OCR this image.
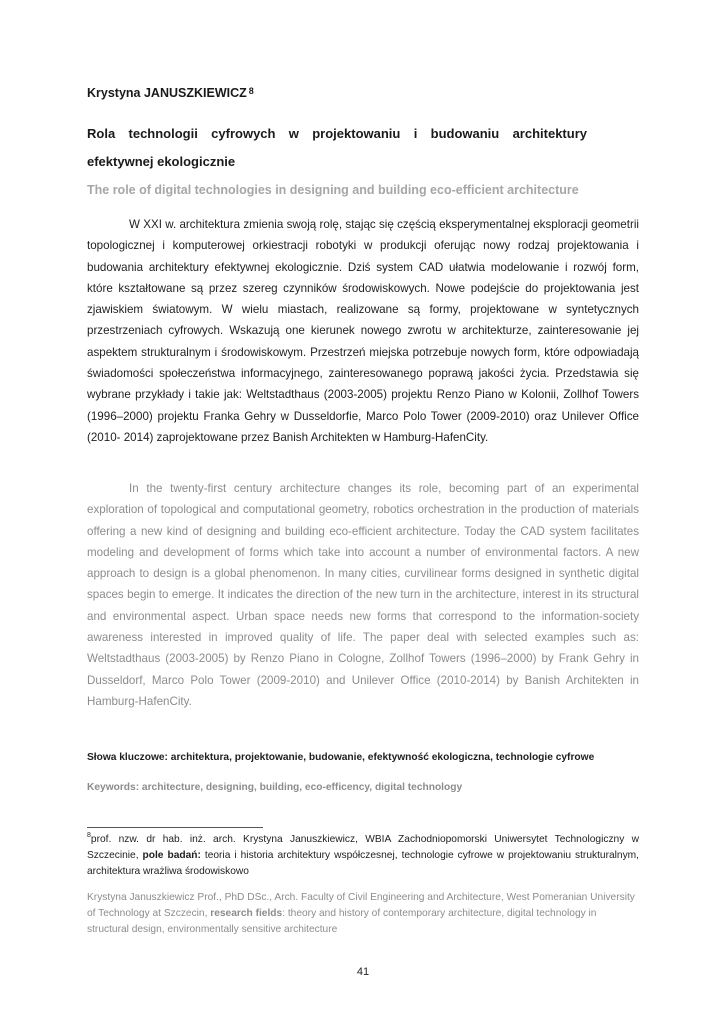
Krystyna JANUSZKIEWICZ $^8$
Rola technologii cyfrowych w projektowaniu i budowaniu architektury efektywnej ekologicznie
The role of digital technologies in designing and building eco-efficient architecture

W XXI w. architektura zmienia swoją rolę, stając się częścią eksperymentalnej eksploracji geometrii topologicznej i komputerowej orkiestracji robotyki w produkcji oferując nowy rodzaj projektowania i budowania architektury efektywnej ekologicznie. Dziś system CAD ułatwia modelowanie i rozwój form, które kształtowane są przez szereg czynników środowiskowych. Nowe podejście do projektowania jest zjawiskiem światowym. W wielu miastach, realizowane są formy, projektowane w syntetycznych przestrzeniach cyfrowych. Wskazują one kierunek nowego zwrotu w architekturze, zainteresowanie jej aspektem strukturalnym i środowiskowym. Przestrzeń miejska potrzebuje nowych form, które odpowiadają świadomości społeczeństwa informacyjnego, zainteresowanego poprawą jakości życia. Przedstawia się wybrane przykłady i takie jak: Weltstadthaus (2003-2005) projektu Renzo Piano w Kolonii, Zollhof Towers (1996–2000) projektu Franka Gehry w Dusseldorfie, Marco Polo Tower (2009-2010) oraz Unilever Office (2010- 2014) zaprojektowane przez Banish Architekten w Hamburg-HafenCity.

In the twenty-first century architecture changes its role, becoming part of an experimental exploration of topological and computational geometry, robotics orchestration in the production of materials offering a new kind of designing and building eco-efficient architecture. Today the CAD system facilitates modeling and development of forms which take into account a number of environmental factors. A new approach to design is a global phenomenon. In many cities, curvilinear forms designed in synthetic digital spaces begin to emerge. It indicates the direction of the new turn in the architecture, interest in its structural and environmental aspect. Urban space needs new forms that correspond to the information-society awareness interested in improved quality of life. The paper deal with selected examples such as: Weltstadthaus (2003-2005) by Renzo Piano in Cologne, Zollhof Towers (1996–2000) by Frank Gehry in Dusseldorf, Marco Polo Tower (2009-2010) and Unilever Office (2010-2014) by Banish Architekten in Hamburg-HafenCity.

Słowa kluczowe: architektura, projektowanie, budowanie, efektywność ekologiczna, technologie cyfrowe
Keywords: architecture, designing, building, eco-efficency, digital technology

$^8$prof. nzw. dr hab. inż. arch. Krystyna Januszkiewicz, WBIA Zachodniopomorski Uniwersytet Technologiczny w Szczecinie, pole badań: teoria i historia architektury współczesnej, technologie cyfrowe w projektowaniu strukturalnym, architektura wrażliwa środowiskowo

Krystyna Januszkiewicz Prof., PhD DSc., Arch. Faculty of Civil Engineering and Architecture, West Pomeranian University of Technology at Szczecin, research fields: theory and history of contemporary architecture, digital technology in structural design, environmentally sensitive architecture

41
